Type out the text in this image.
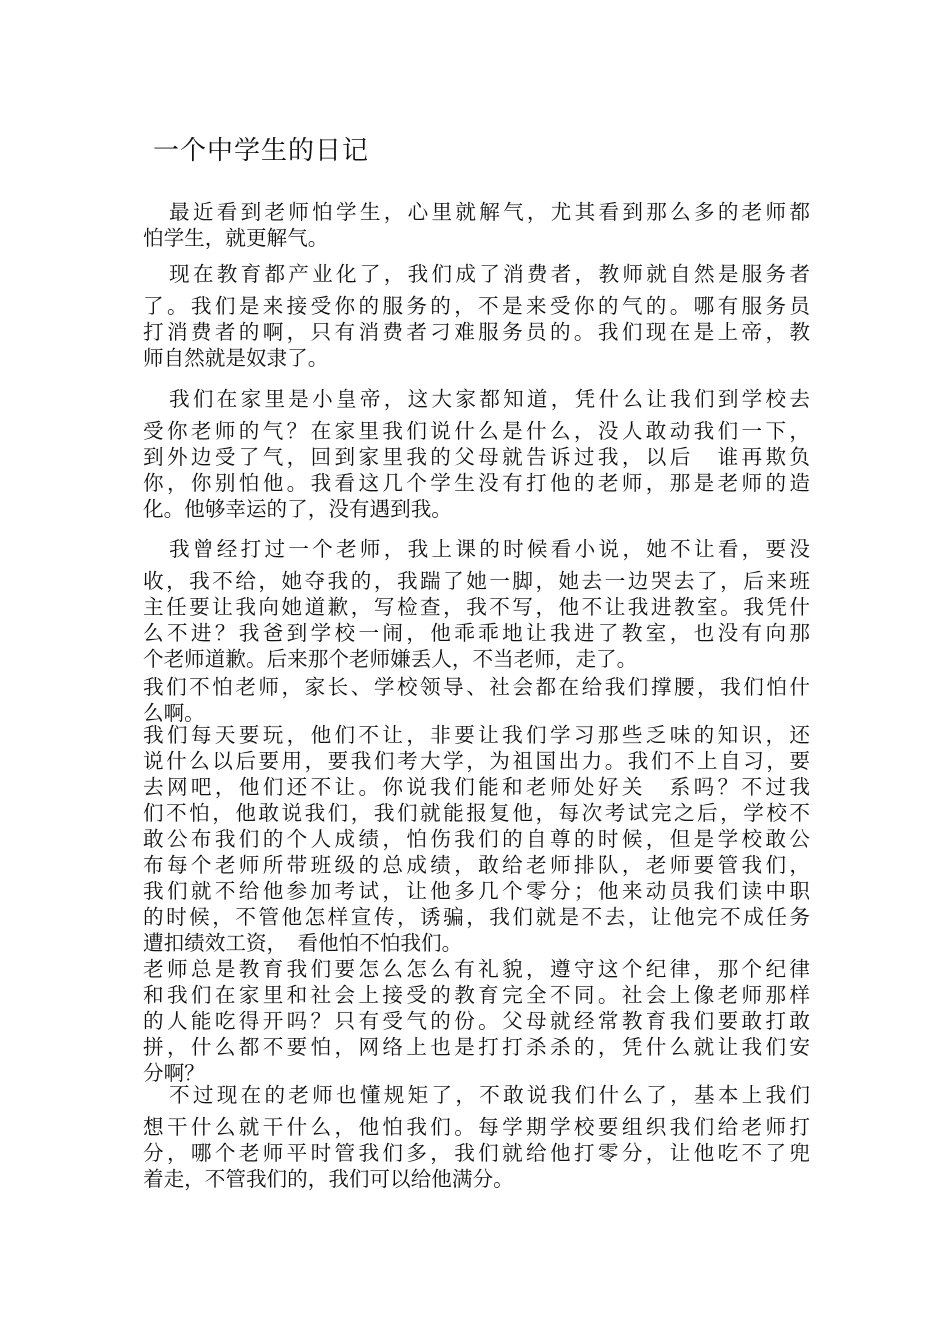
一个中学生的日记

最近看到老师怕学生，心里就解气，尤其看到那么多的老师都
怕学生，就更解气。

现在教育都产业化了，我们成了消费者，教师就自然是服务者
了。我们是来接受你的服务的，不是来受你的气的。哪有服务员
打消费者的啊，只有消费者刁难服务员的。我们现在是上帝，教
师自然就是奴隶了。

我们在家里是小皇帝，这大家都知道，凭什么让我们到学校去
受你老师的气？在家里我们说什么是什么，没人敢动我们一下，
到外边受了气，回到家里我的父母就告诉过我，以后　谁再欺负
你，你别怕他。我看这几个学生没有打他的老师，那是老师的造
化。他够幸运的了，没有遇到我。

我曾经打过一个老师，我上课的时候看小说，她不让看，要没
收，我不给，她夺我的，我踹了她一脚，她去一边哭去了，后来班
主任要让我向她道歉，写检查，我不写，他不让我进教室。我凭什
么不进？我爸到学校一闹，他乖乖地让我进了教室，也没有向那
个老师道歉。后来那个老师嫌丢人，不当老师，走了。

我们不怕老师，家长、学校领导、社会都在给我们撑腰，我们怕什
么啊。

我们每天要玩，他们不让，非要让我们学习那些乏味的知识，还
说什么以后要用，要我们考大学，为祖国出力。我们不上自习，要
去网吧，他们还不让。你说我们能和老师处好关　系吗？不过我
们不怕，他敢说我们，我们就能报复他，每次考试完之后，学校不
敢公布我们的个人成绩，怕伤我们的自尊的时候，但是学校敢公
布每个老师所带班级的总成绩，敢给老师排队，老师要管我们，
我们就不给他参加考试，让他多几个零分；他来动员我们读中职
的时候，不管他怎样宣传，诱骗，我们就是不去，让他完不成任务
遭扣绩效工资，　看他怕不怕我们。

老师总是教育我们要怎么怎么有礼貌，遵守这个纪律，那个纪律
和我们在家里和社会上接受的教育完全不同。社会上像老师那样
的人能吃得开吗？只有受气的份。父母就经常教育我们要敢打敢
拼，什么都不要怕，网络上也是打打杀杀的，凭什么就让我们安
分啊？

不过现在的老师也懂规矩了，不敢说我们什么了，基本上我们
想干什么就干什么，他怕我们。每学期学校要组织我们给老师打
分，哪个老师平时管我们多，我们就给他打零分，让他吃不了兜
着走，不管我们的，我们可以给他满分。
